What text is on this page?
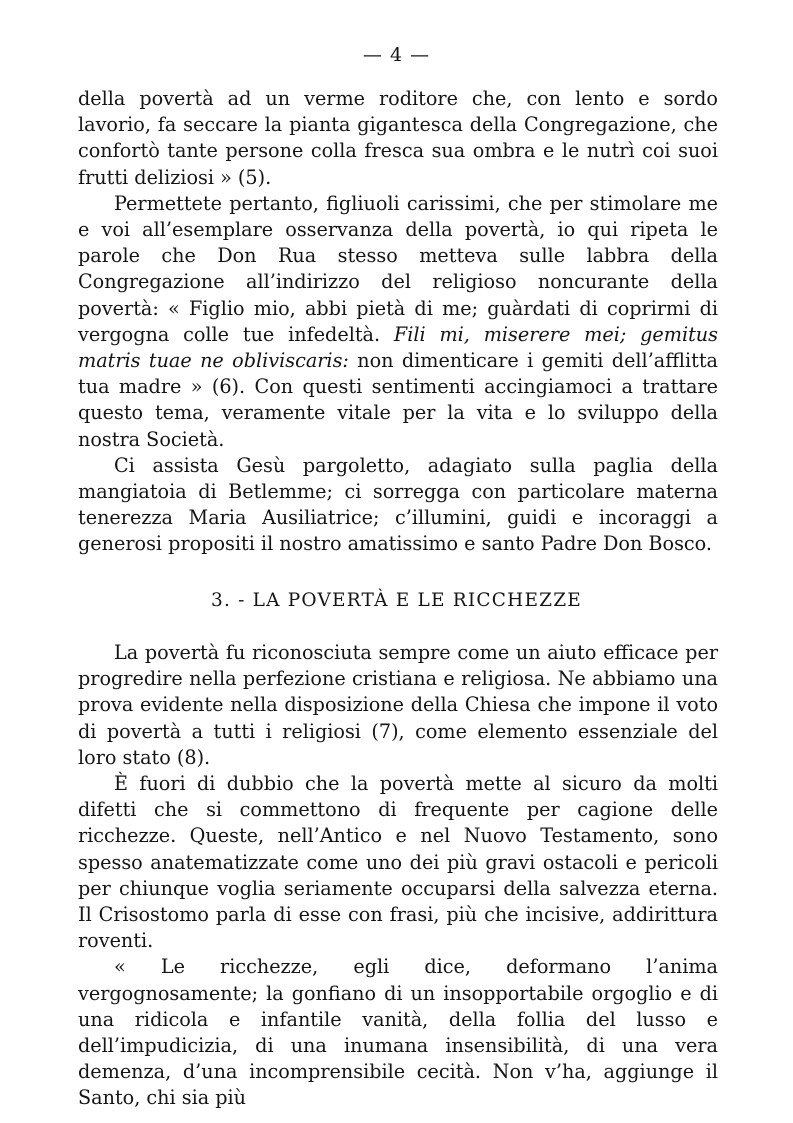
— 4 —

della povertà ad un verme roditore che, con lento e sordo lavorio, fa seccare la pianta gigantesca della Congregazione, che confortò tante persone colla fresca sua ombra e le nutrì coi suoi frutti deliziosi » (5).

Permettete pertanto, figliuoli carissimi, che per stimolare me e voi all’esemplare osservanza della povertà, io qui ripeta le parole che Don Rua stesso metteva sulle labbra della Congregazione all’indirizzo del religioso noncurante della povertà: « Figlio mio, abbi pietà di me; guàrdati di coprirmi di vergogna colle tue infedeltà. Fili mi, miserere mei; gemitus matris tuae ne obliviscaris: non dimenticare i gemiti dell’afflitta tua madre » (6). Con questi sentimenti accingiamoci a trattare questo tema, veramente vitale per la vita e lo sviluppo della nostra Società.

Ci assista Gesù pargoletto, adagiato sulla paglia della mangiatoia di Betlemme; ci sorregga con particolare materna tenerezza Maria Ausiliatrice; c’illumini, guidi e incoraggi a generosi propositi il nostro amatissimo e santo Padre Don Bosco.

3. - LA POVERTÀ E LE RICCHEZZE

La povertà fu riconosciuta sempre come un aiuto efficace per progredire nella perfezione cristiana e religiosa. Ne abbiamo una prova evidente nella disposizione della Chiesa che impone il voto di povertà a tutti i religiosi (7), come elemento essenziale del loro stato (8).

È fuori di dubbio che la povertà mette al sicuro da molti difetti che si commettono di frequente per cagione delle ricchezze. Queste, nell’Antico e nel Nuovo Testamento, sono spesso anatematizzate come uno dei più gravi ostacoli e pericoli per chiunque voglia seriamente occuparsi della salvezza eterna. Il Crisostomo parla di esse con frasi, più che incisive, addirittura roventi.

« Le ricchezze, egli dice, deformano l’anima vergognosamente; la gonfiano di un insopportabile orgoglio e di una ridicola e infantile vanità, della follia del lusso e dell’impudicizia, di una inumana insensibilità, di una vera demenza, d’una incomprensibile cecità. Non v’ha, aggiunge il Santo, chi sia più
